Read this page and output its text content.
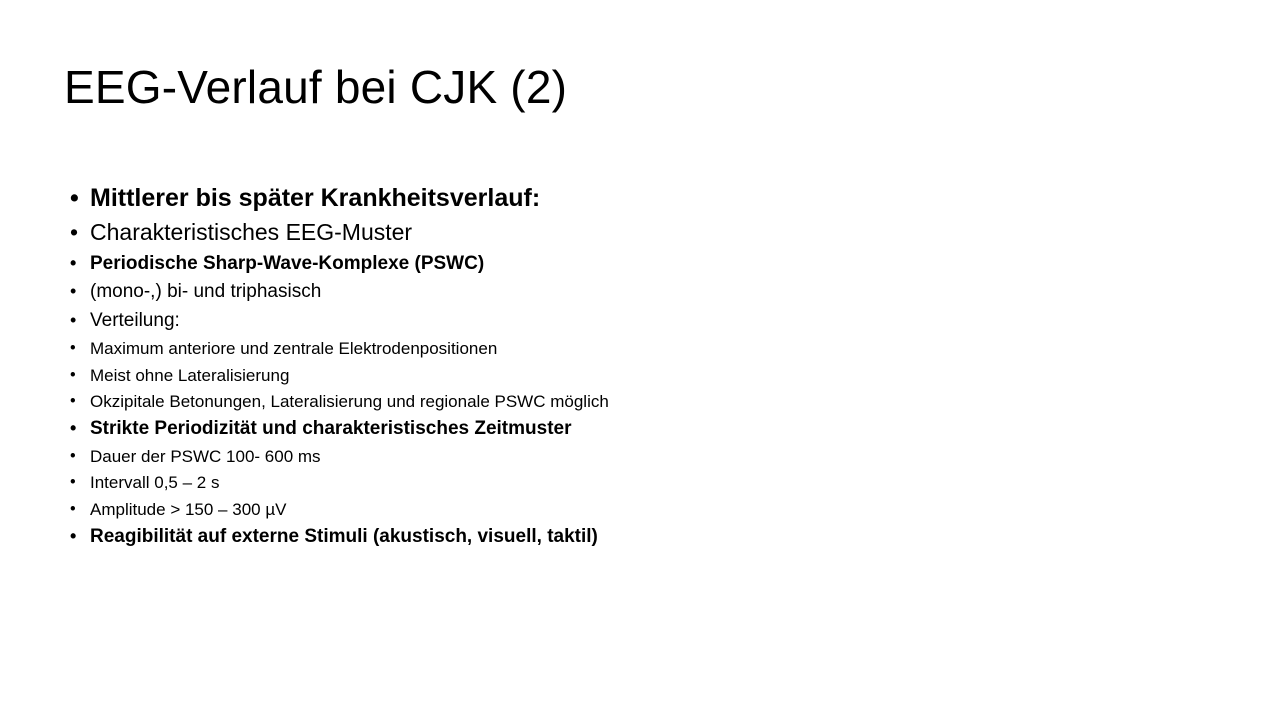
EEG-Verlauf bei CJK (2)
• Mittlerer bis später Krankheitsverlauf:
• Charakteristisches EEG-Muster
• Periodische Sharp-Wave-Komplexe (PSWC)
• (mono-,) bi- und triphasisch
• Verteilung:
• Maximum anteriore und zentrale Elektrodenpositionen
• Meist ohne Lateralisierung
• Okzipitale Betonungen, Lateralisierung und regionale PSWC möglich
• Strikte Periodizität und charakteristisches Zeitmuster
• Dauer der PSWC 100- 600 ms
• Intervall 0,5 – 2 s
• Amplitude > 150 – 300 µV
• Reagibilität auf externe Stimuli (akustisch, visuell, taktil)
